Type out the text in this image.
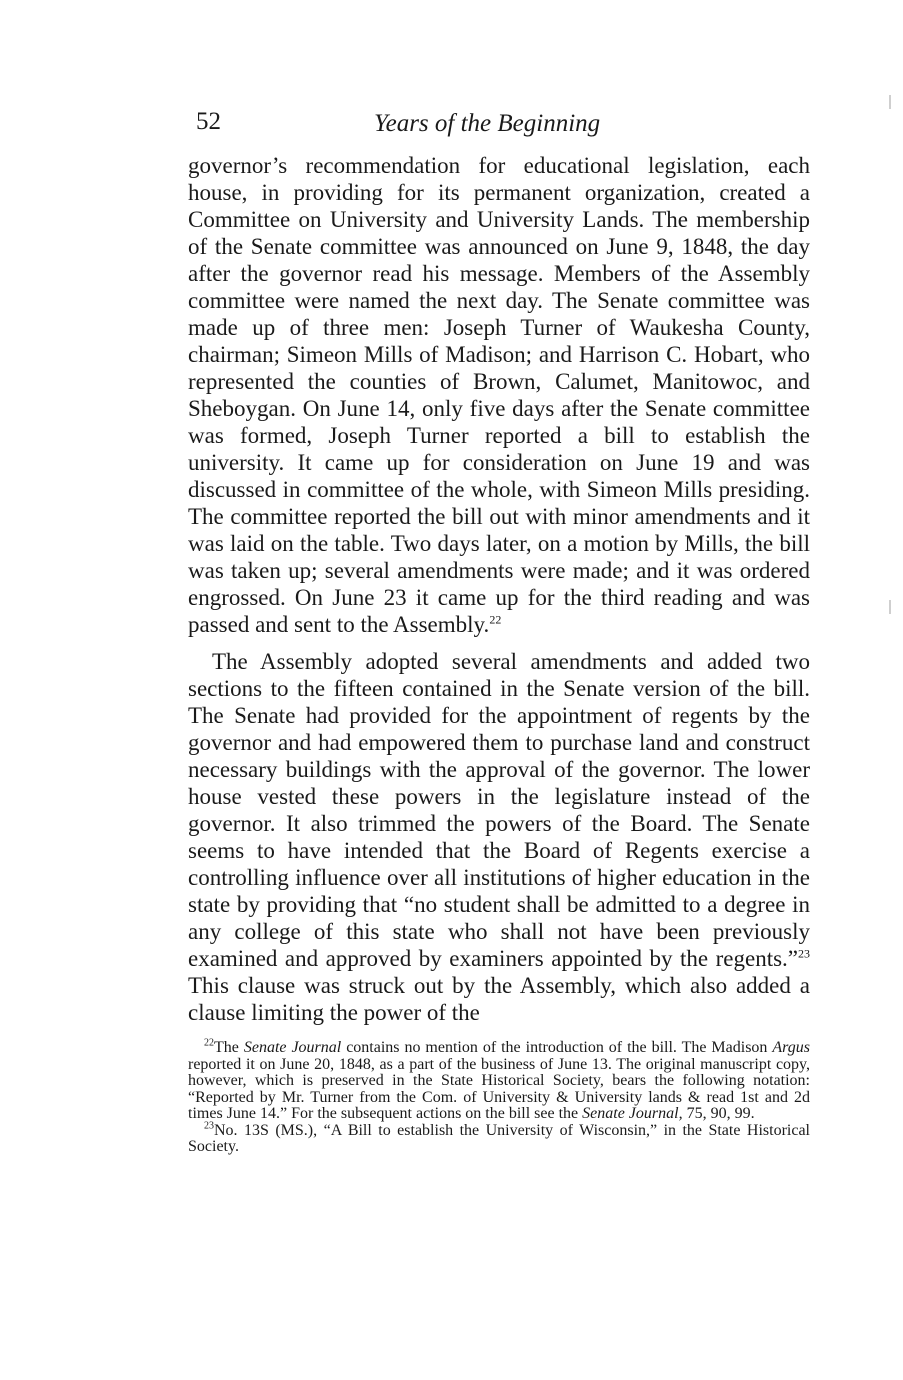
52	Years of the Beginning

governor’s recommendation for educational legislation, each house, in providing for its permanent organization, created a Committee on University and University Lands. The membership of the Senate committee was announced on June 9, 1848, the day after the governor read his message. Members of the Assembly committee were named the next day. The Senate committee was made up of three men: Joseph Turner of Waukesha County, chairman; Simeon Mills of Madison; and Harrison C. Hobart, who represented the counties of Brown, Calumet, Manitowoc, and Sheboygan. On June 14, only five days after the Senate committee was formed, Joseph Turner reported a bill to establish the university. It came up for consideration on June 19 and was discussed in committee of the whole, with Simeon Mills presiding. The committee reported the bill out with minor amendments and it was laid on the table. Two days later, on a motion by Mills, the bill was taken up; several amendments were made; and it was ordered engrossed. On June 23 it came up for the third reading and was passed and sent to the Assembly.$^{22}$

The Assembly adopted several amendments and added two sections to the fifteen contained in the Senate version of the bill. The Senate had provided for the appointment of regents by the governor and had empowered them to purchase land and construct necessary buildings with the approval of the governor. The lower house vested these powers in the legislature instead of the governor. It also trimmed the powers of the Board. The Senate seems to have intended that the Board of Regents exercise a controlling influence over all institutions of higher education in the state by providing that “no student shall be admitted to a degree in any college of this state who shall not have been previously examined and approved by examiners appointed by the regents.”$^{23}$ This clause was struck out by the Assembly, which also added a clause limiting the power of the

$^{22}$The Senate Journal contains no mention of the introduction of the bill. The Madison Argus reported it on June 20, 1848, as a part of the business of June 13. The original manuscript copy, however, which is preserved in the State Historical Society, bears the following notation: “Reported by Mr. Turner from the Com. of University & University lands & read 1st and 2d times June 14.” For the subsequent actions on the bill see the Senate Journal, 75, 90, 99.

$^{23}$No. 13S (MS.), “A Bill to establish the University of Wisconsin,” in the State Historical Society.
